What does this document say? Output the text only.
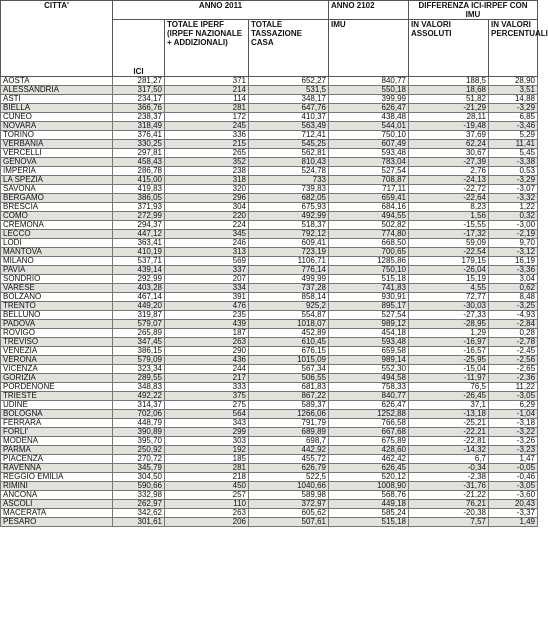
CITTA'	ANNO 2011			ANNO 2102	DIFFERENZA ICI-IRPEF CON IMU	
	ICI	TOTALE IPERF (IRPEF NAZIONALE + ADDIZIONALI)	TOTALE TASSAZIONE CASA	IMU	IN VALORI ASSOLUTI	IN VALORI PERCENTUALI

AOSTA	281,27	371	652,27	840,77	188,5	28,90
ALESSANDRIA	317,50	214	531,5	550,18	18,68	3,51
ASTI	234,17	114	348,17	399,99	51,82	14,88
BIELLA	366,76	281	647,76	626,47	-21,29	-3,29
CUNEO	238,37	172	410,37	438,48	28,11	6,85
NOVARA	318,49	245	563,49	544,01	-19,48	-3,46
TORINO	376,41	336	712,41	750,10	37,69	5,29
VERBANIA	330,25	215	545,25	607,49	62,24	11,41
VERCELLI	297,81	265	562,81	593,48	30,67	5,45
GENOVA	458,43	352	810,43	783,04	-27,39	-3,38
IMPERIA	286,78	238	524,78	527,54	2,76	0,53
LA SPEZIA	415,00	318	733	708,87	-24,13	-3,29
SAVONA	419,83	320	739,83	717,11	-22,72	-3,07
BERGAMO	386,05	296	682,05	659,41	-22,64	-3,32
BRESCIA	371,93	304	675,93	684,16	8,23	1,22
COMO	272,99	220	492,99	494,55	1,56	0,32
CREMONA	294,37	224	518,37	502,82	-15,55	-3,00
LECCO	447,12	345	792,12	774,80	-17,32	-2,19
LODI	363,41	246	609,41	668,50	59,09	9,70
MANTOVA	410,19	313	723,19	700,65	-22,54	-3,12
MILANO	537,71	569	1106,71	1285,86	179,15	16,19
PAVIA	439,14	337	776,14	750,10	-26,04	-3,36
SONDRIO	292,99	207	499,99	515,18	15,19	3,04
VARESE	403,28	334	737,28	741,83	4,55	0,62
BOLZANO	467,14	391	858,14	930,91	72,77	8,48
TRENTO	449,20	476	925,2	895,17	-30,03	-3,25
BELLUNO	319,87	235	554,87	527,54	-27,33	-4,93
PADOVA	579,07	439	1018,07	989,12	-28,95	-2,84
ROVIGO	265,89	187	452,89	454,18	1,29	0,28
TREVISO	347,45	263	610,45	593,48	-16,97	-2,78
VENEZIA	386,15	290	676,15	659,58	-16,57	-2,45
VERONA	579,09	436	1015,09	989,14	-25,95	-2,56
VICENZA	323,34	244	567,34	552,30	-15,04	-2,65
GORIZIA	289,55	217	506,55	494,58	-11,97	-2,36
PORDENONE	348,83	333	681,83	758,33	76,5	11,22
TRIESTE	492,22	375	867,22	840,77	-26,45	-3,05
UDINE	314,37	275	589,37	626,47	37,1	6,29
BOLOGNA	702,06	564	1266,06	1252,88	-13,18	-1,04
FERRARA	448,79	343	791,79	766,58	-25,21	-3,18
FORLI'	390,89	299	689,89	667,68	-22,21	-3,22
MODENA	395,70	303	698,7	675,89	-22,81	-3,26
PARMA	250,92	192	442,92	428,60	-14,32	-3,23
PIACENZA	270,72	185	455,72	462,42	6,7	1,47
RAVENNA	345,79	281	626,79	626,45	-0,34	-0,05
REGGIO EMILIA	304,50	218	522,5	520,12	-2,38	-0,46
RIMINI	590,66	450	1040,66	1008,90	-31,76	-3,05
ANCONA	332,98	257	589,98	568,76	-21,22	-3,60
ASCOLI	262,97	110	372,97	449,18	76,21	20,43
MACERATA	342,62	263	605,62	585,24	-20,38	-3,37
PESARO	301,61	206	507,61	515,18	7,57	1,49
